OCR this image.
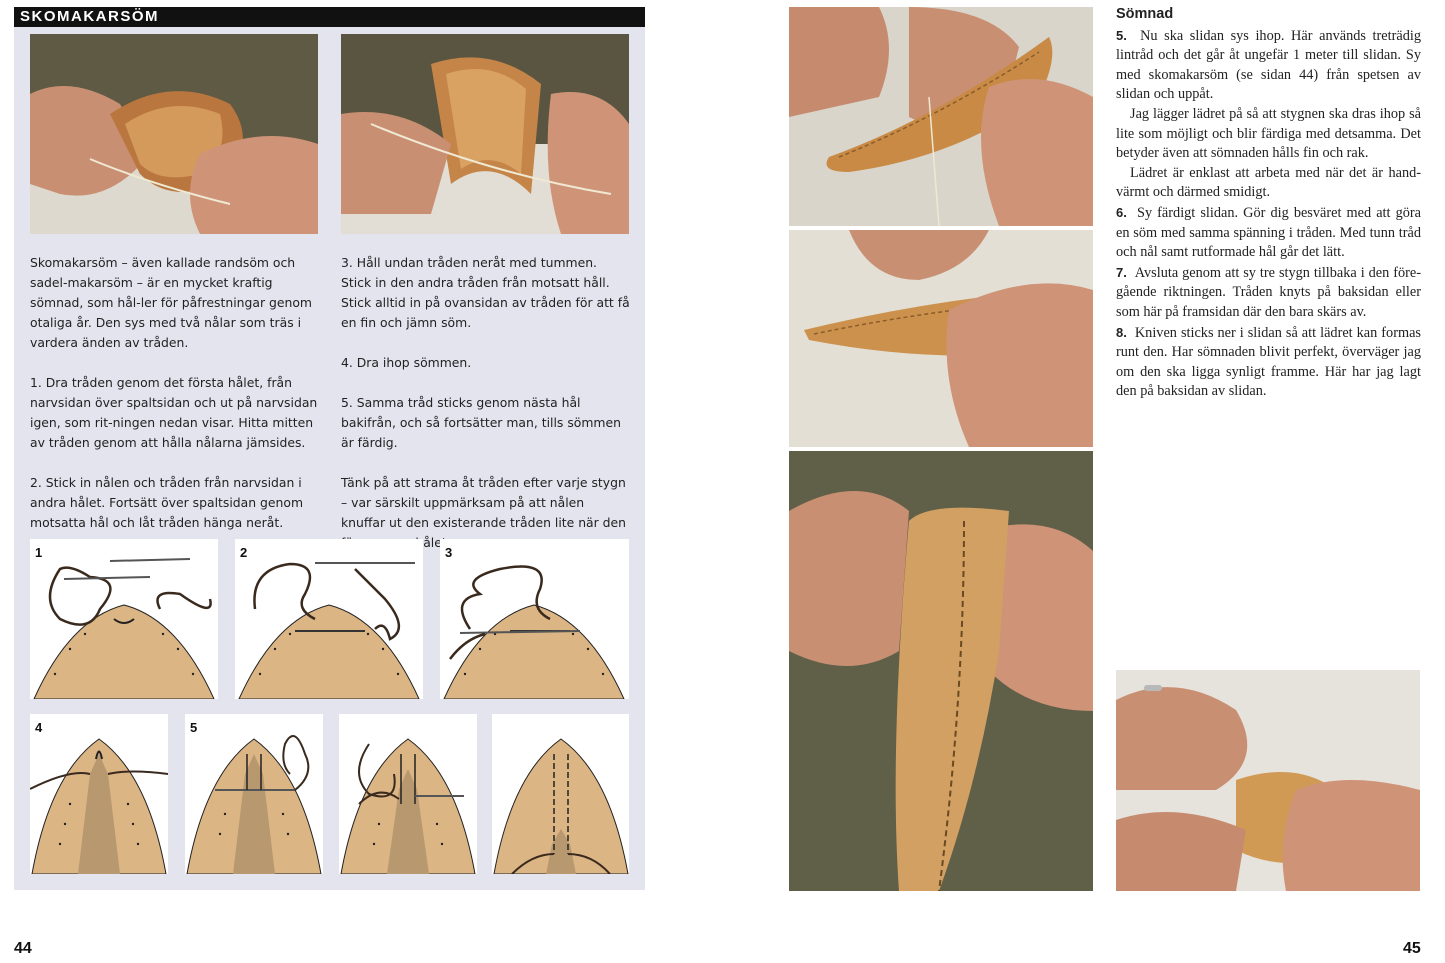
SKOMAKARSÖM

Skomakarsöm – även kallade randsöm och sadel-makarsöm – är en mycket kraftig sömnad, som hål-ler för påfrestningar genom otaliga år. Den sys med två nålar som träs i vardera änden av tråden.

1. Dra tråden genom det första hålet, från narvsidan över spaltsidan och ut på narvsidan igen, som rit-ningen nedan visar. Hitta mitten av tråden genom att hålla nålarna jämsides.

2. Stick in nålen och tråden från narvsidan i andra hålet. Fortsätt över spaltsidan genom motsatta hål och låt tråden hänga neråt.

3. Håll undan tråden neråt med tummen. Stick in den andra tråden från motsatt håll. Stick alltid in på ovansidan av tråden för att få en fin och jämn söm.

4. Dra ihop sömmen.

5. Samma tråd sticks genom nästa hål bakifrån, och så fortsätter man, tills sömmen är färdig.

Tänk på att strama åt tråden efter varje stygn – var särskilt uppmärksam på att nålen knuffar ut den existerande tråden lite när den hålet.

1	2	3
4	5
44
Sömnad

5. Nu ska slidan sys ihop. Här används treträdig lintråd och det går åt ungefär 1 meter till slidan. Sy med skomakarsöm (se sidan 44) från spetsen av slidan och uppåt.

Jag lägger lädret på så att stygnen ska dras ihop så lite som möjligt och blir färdiga med detsamma. Det betyder även att sömnaden hålls fin och rak.

Lädret är enklast att arbeta med när det är hand-värmt och därmed smidigt.

6. Sy färdigt slidan. Gör dig besväret med att göra en söm med samma spänning i tråden. Med tunn tråd och nål samt rutformade hål går det lätt.

7. Avsluta genom att sy tre stygn tillbaka i den före-gående riktningen. Tråden knyts på baksidan eller som här på framsidan där den bara skärs av.

8. Kniven sticks ner i slidan så att lädret kan formas runt den. Har sömnaden blivit perfekt, överväger jag om den ska ligga synligt framme. Här har jag lagt den på baksidan av slidan.

45
